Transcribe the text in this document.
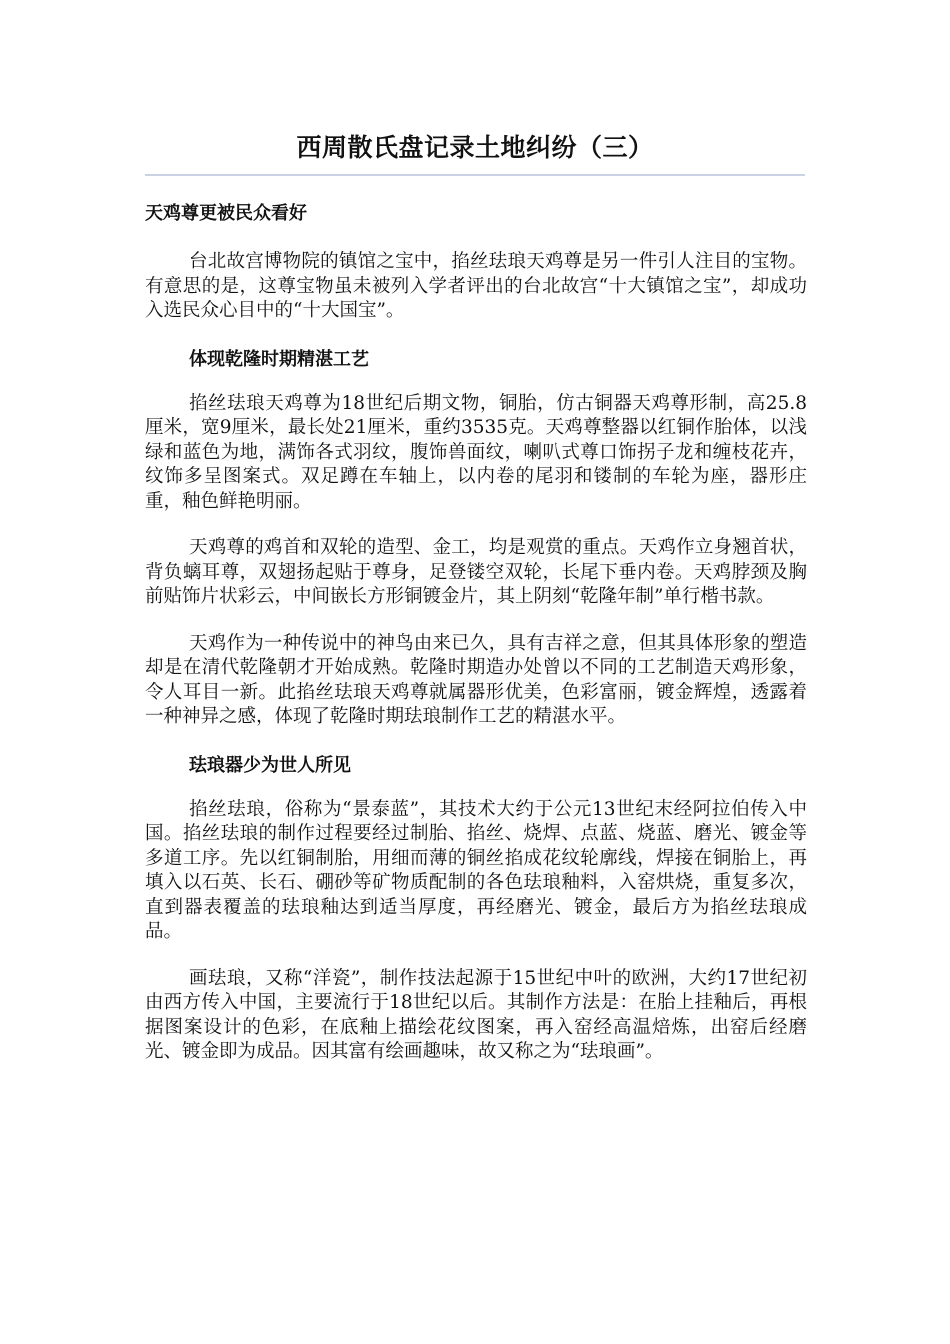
西周散氏盘记录土地纠纷（三）
天鸡尊更被民众看好
台北故宫博物院的镇馆之宝中，掐丝珐琅天鸡尊是另一件引人注目的宝物。有意思的是，这尊宝物虽未被列入学者评出的台北故宫“十大镇馆之宝”，却成功入选民众心目中的“十大国宝”。
体现乾隆时期精湛工艺
掐丝珐琅天鸡尊为18世纪后期文物，铜胎，仿古铜器天鸡尊形制，高25.8厘米，宽9厘米，最长处21厘米，重约3535克。天鸡尊整器以红铜作胎体，以浅绿和蓝色为地，满饰各式羽纹，腹饰兽面纹，喇叭式尊口饰拐子龙和缠枝花卉，纹饰多呈图案式。双足蹲在车轴上，以内卷的尾羽和镂制的车轮为座，器形庄重，釉色鲜艳明丽。
天鸡尊的鸡首和双轮的造型、金工，均是观赏的重点。天鸡作立身翘首状，背负螭耳尊，双翅扬起贴于尊身，足登镂空双轮，长尾下垂内卷。天鸡脖颈及胸前贴饰片状彩云，中间嵌长方形铜镀金片，其上阴刻“乾隆年制”单行楷书款。
天鸡作为一种传说中的神鸟由来已久，具有吉祥之意，但其具体形象的塑造却是在清代乾隆朝才开始成熟。乾隆时期造办处曾以不同的工艺制造天鸡形象，令人耳目一新。此掐丝珐琅天鸡尊就属器形优美，色彩富丽，镀金辉煌，透露着一种神异之感，体现了乾隆时期珐琅制作工艺的精湛水平。
珐琅器少为世人所见
掐丝珐琅，俗称为“景泰蓝”，其技术大约于公元13世纪末经阿拉伯传入中国。掐丝珐琅的制作过程要经过制胎、掐丝、烧焊、点蓝、烧蓝、磨光、镀金等多道工序。先以红铜制胎，用细而薄的铜丝掐成花纹轮廓线，焊接在铜胎上，再填入以石英、长石、硼砂等矿物质配制的各色珐琅釉料，入窑烘烧，重复多次，直到器表覆盖的珐琅釉达到适当厚度，再经磨光、镀金，最后方为掐丝珐琅成品。
画珐琅，又称“洋瓷”，制作技法起源于15世纪中叶的欧洲，大约17世纪初由西方传入中国，主要流行于18世纪以后。其制作方法是：在胎上挂釉后，再根据图案设计的色彩，在底釉上描绘花纹图案，再入窑经高温焙炼，出窑后经磨光、镀金即为成品。因其富有绘画趣味，故又称之为“珐琅画”。
